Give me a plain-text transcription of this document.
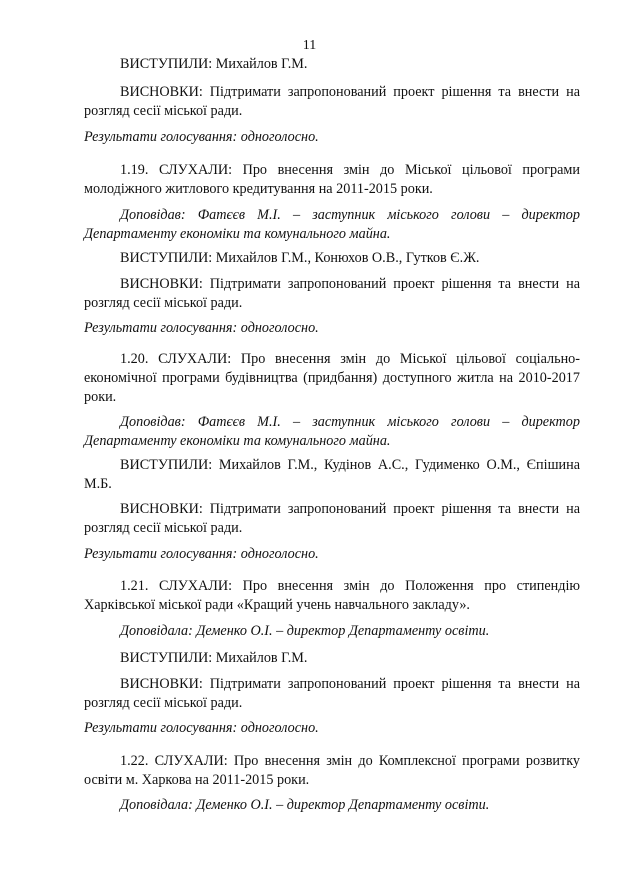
11

ВИСТУПИЛИ: Михайлов Г.М.

ВИСНОВКИ: Підтримати запропонований проект рішення та внести на розгляд сесії міської ради.

Результати голосування: одноголосно.

1.19. СЛУХАЛИ: Про внесення змін до Міської цільової програми молодіжного житлового кредитування на 2011-2015 роки.

Доповідав: Фатєєв М.І. – заступник міського голови – директор Департаменту економіки та комунального майна.

ВИСТУПИЛИ: Михайлов Г.М., Конюхов О.В., Гутков Є.Ж.

ВИСНОВКИ: Підтримати запропонований проект рішення та внести на розгляд сесії міської ради.

Результати голосування: одноголосно.

1.20. СЛУХАЛИ: Про внесення змін до Міської цільової соціально-економічної програми будівництва (придбання) доступного житла на 2010-2017 роки.

Доповідав: Фатєєв М.І. – заступник міського голови – директор Департаменту економіки та комунального майна.

ВИСТУПИЛИ: Михайлов Г.М., Кудінов А.С., Гудименко О.М., Єпішина М.Б.

ВИСНОВКИ: Підтримати запропонований проект рішення та внести на розгляд сесії міської ради.

Результати голосування: одноголосно.

1.21. СЛУХАЛИ: Про внесення змін до Положення про стипендію Харківської міської ради «Кращий учень навчального закладу».

Доповідала: Деменко О.І. – директор Департаменту освіти.

ВИСТУПИЛИ: Михайлов Г.М.

ВИСНОВКИ: Підтримати запропонований проект рішення та внести на розгляд сесії міської ради.

Результати голосування: одноголосно.

1.22. СЛУХАЛИ: Про внесення змін до Комплексної програми розвитку освіти м. Харкова на 2011-2015 роки.

Доповідала: Деменко О.І. – директор Департаменту освіти.
